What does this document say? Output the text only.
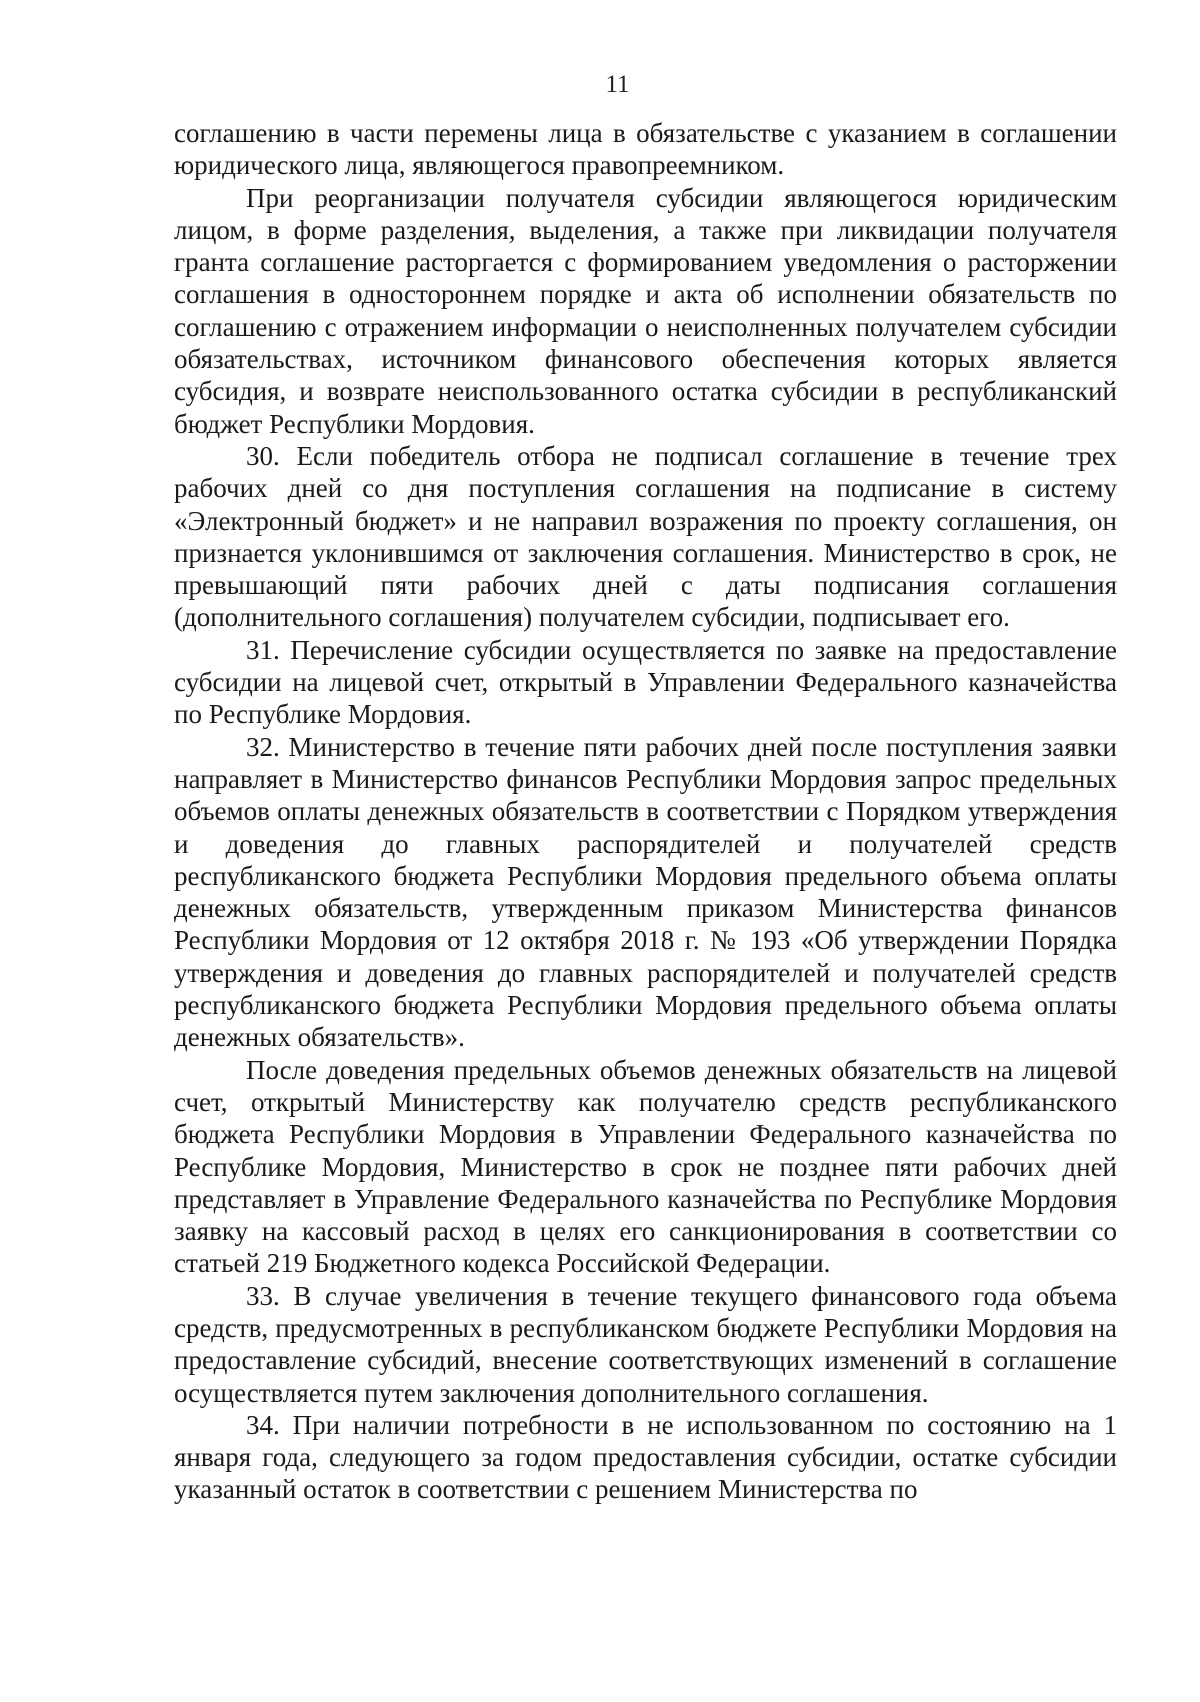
11

соглашению в части перемены лица в обязательстве с указанием в соглашении юридического лица, являющегося правопреемником.

При реорганизации получателя субсидии являющегося юридическим лицом, в форме разделения, выделения, а также при ликвидации получателя гранта соглашение расторгается с формированием уведомления о расторжении соглашения в одностороннем порядке и акта об исполнении обязательств по соглашению с отражением информации о неисполненных получателем субсидии обязательствах, источником финансового обеспечения которых является субсидия, и возврате неиспользованного остатка субсидии в республиканский бюджет Республики Мордовия.

30. Если победитель отбора не подписал соглашение в течение трех рабочих дней со дня поступления соглашения на подписание в систему «Электронный бюджет» и не направил возражения по проекту соглашения, он признается уклонившимся от заключения соглашения. Министерство в срок, не превышающий пяти рабочих дней с даты подписания соглашения (дополнительного соглашения) получателем субсидии, подписывает его.

31. Перечисление субсидии осуществляется по заявке на предоставление субсидии на лицевой счет, открытый в Управлении Федерального казначейства по Республике Мордовия.

32. Министерство в течение пяти рабочих дней после поступления заявки направляет в Министерство финансов Республики Мордовия запрос предельных объемов оплаты денежных обязательств в соответствии с Порядком утверждения и доведения до главных распорядителей и получателей средств республиканского бюджета Республики Мордовия предельного объема оплаты денежных обязательств, утвержденным приказом Министерства финансов Республики Мордовия от 12 октября 2018 г. № 193 «Об утверждении Порядка утверждения и доведения до главных распорядителей и получателей средств республиканского бюджета Республики Мордовия предельного объема оплаты денежных обязательств».

После доведения предельных объемов денежных обязательств на лицевой счет, открытый Министерству как получателю средств республиканского бюджета Республики Мордовия в Управлении Федерального казначейства по Республике Мордовия, Министерство в срок не позднее пяти рабочих дней представляет в Управление Федерального казначейства по Республике Мордовия заявку на кассовый расход в целях его санкционирования в соответствии со статьей 219 Бюджетного кодекса Российской Федерации.

33. В случае увеличения в течение текущего финансового года объема средств, предусмотренных в республиканском бюджете Республики Мордовия на предоставление субсидий, внесение соответствующих изменений в соглашение осуществляется путем заключения дополнительного соглашения.

34. При наличии потребности в не использованном по состоянию на 1 января года, следующего за годом предоставления субсидии, остатке субсидии указанный остаток в соответствии с решением Министерства по
